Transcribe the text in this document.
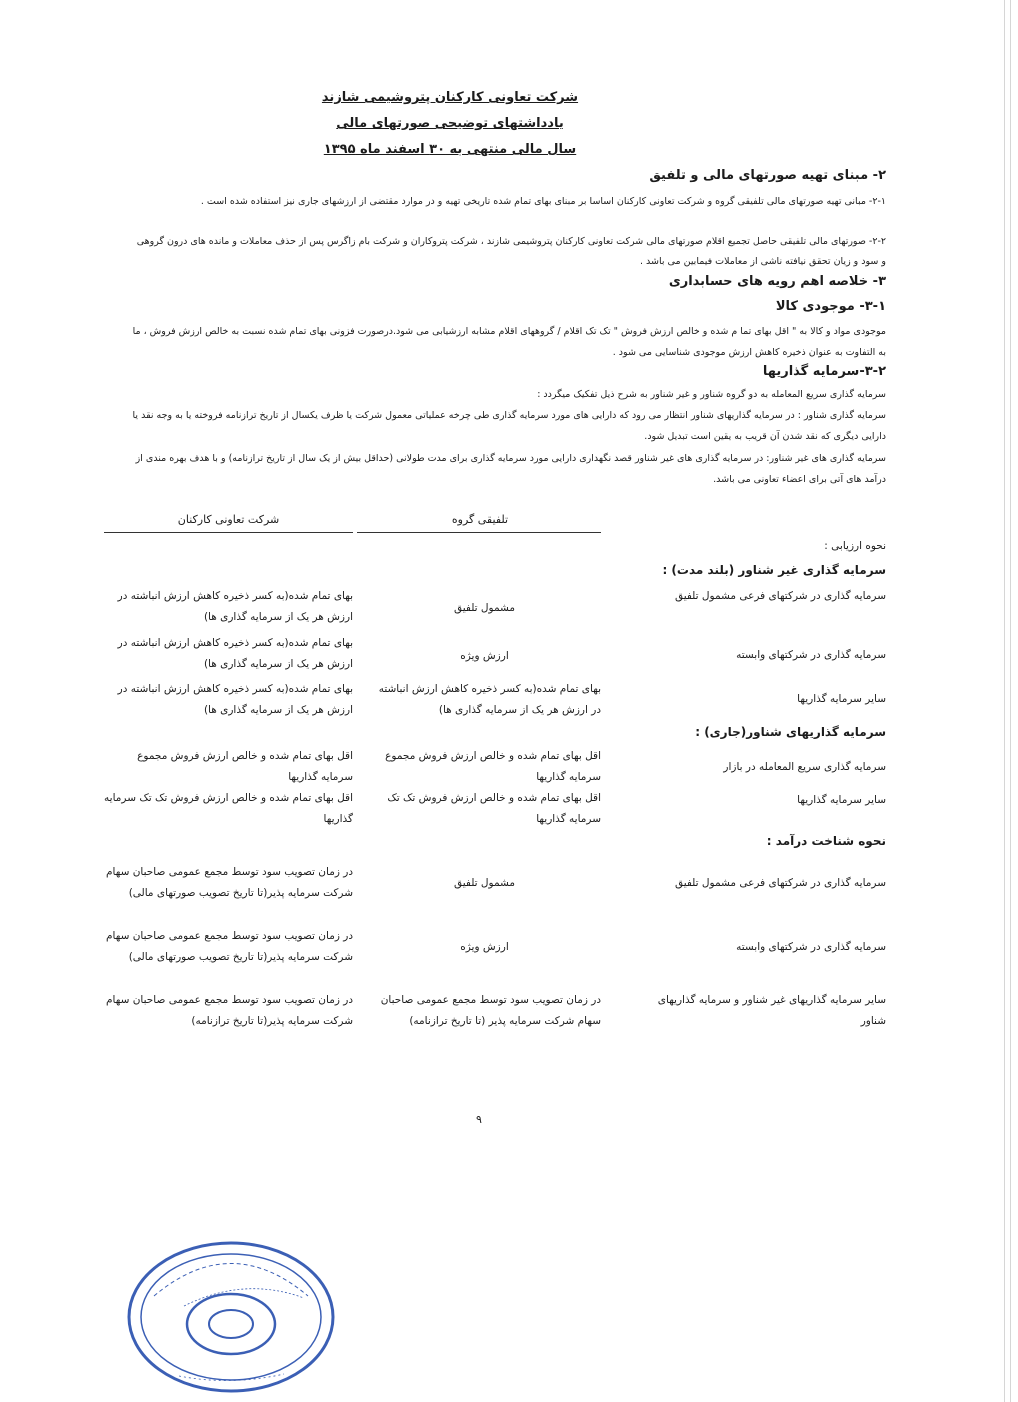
شرکت تعاونی کارکنان پتروشیمی شازند
یادداشتهای توضیحی صورتهای مالی
سال مالی منتهی به ۳۰ اسفند ماه ۱۳۹۵
۲- مبنای تهیه صورتهای مالی و تلفیق
۲-۱- مبانی تهیه صورتهای مالی تلفیقی گروه و شرکت تعاونی کارکنان اساسا بر مبنای بهای تمام شده تاریخی تهیه و در موارد مقتضی از ارزشهای جاری نیز استفاده شده است .
۲-۲- صورتهای مالی تلفیقی حاصل تجمیع اقلام صورتهای مالی شرکت تعاونی کارکنان پتروشیمی شازند ، شرکت پتروکاران و شرکت بام زاگرس پس از حذف معاملات و مانده های درون گروهی
و سود و زیان تحقق نیافته ناشی از معاملات فیمابین می باشد .
۳- خلاصه اهم رویه های حسابداری
۳-۱- موجودی کالا
موجودی مواد و کالا به " اقل بهای تما م شده و خالص ارزش فروش " تک تک اقلام / گروههای اقلام مشابه ارزشیابی می شود.درصورت فزونی بهای تمام شده نسبت به خالص ارزش فروش ، ما
به التفاوت به عنوان ذخیره کاهش ارزش موجودی شناسایی می شود .
۳-۲-سرمایه گذاریها
سرمایه گذاری سریع المعامله به دو گروه شناور و غیر شناور به شرح ذیل تفکیک میگردد :
سرمایه گذاری شناور : در سرمایه گذاریهای شناور انتظار می رود که دارایی های مورد سرمایه گذاری طی چرخه عملیاتی معمول شرکت یا ظرف یکسال از تاریخ ترازنامه فروخته یا به وجه نقد یا
دارایی دیگری که نقد شدن آن قریب به یقین است تبدیل شود.
سرمایه گذاری های غیر شناور: در سرمایه گذاری های غیر شناور قصد نگهداری دارایی مورد سرمایه گذاری برای مدت طولانی (حداقل بیش از یک سال از تاریخ ترازنامه) و با هدف بهره مندی از
درآمد های آتی برای اعضاء تعاونی می باشد.
تلفیقی گروه
شرکت تعاونی کارکنان
نحوه ارزیابی :
سرمایه گذاری غیر شناور (بلند مدت) :
سرمایه گذاری در شرکتهای فرعی مشمول تلفیق
مشمول تلفیق
بهای تمام شده(به کسر ذخیره کاهش ارزش انباشته در ارزش هر یک از سرمایه گذاری ها)
سرمایه گذاری در شرکتهای وابسته
ارزش ویژه
بهای تمام شده(به کسر ذخیره کاهش ارزش انباشته در ارزش هر یک از سرمایه گذاری ها)
سایر سرمایه گذاریها
بهای تمام شده(به کسر ذخیره کاهش ارزش انباشته در ارزش هر یک از سرمایه گذاری ها)
بهای تمام شده(به کسر ذخیره کاهش ارزش انباشته در ارزش هر یک از سرمایه گذاری ها)
سرمایه گذاریهای شناور(جاری) :
سرمایه گذاری سریع المعامله در بازار
اقل بهای تمام شده و خالص ارزش فروش مجموع سرمایه گذاریها
اقل بهای تمام شده و خالص ارزش فروش مجموع سرمایه گذاریها
سایر سرمایه گذاریها
اقل بهای تمام شده و خالص ارزش فروش تک تک سرمایه گذاریها
اقل بهای تمام شده و خالص ارزش فروش تک تک سرمایه گذاریها
نحوه شناخت درآمد :
سرمایه گذاری در شرکتهای فرعی مشمول تلفیق
مشمول تلفیق
در زمان تصویب سود توسط مجمع عمومی صاحبان سهام شرکت سرمایه پذیر(تا تاریخ تصویب صورتهای مالی)
سرمایه گذاری در شرکتهای وابسته
ارزش ویژه
در زمان تصویب سود توسط مجمع عمومی صاحبان سهام شرکت سرمایه پذیر(تا تاریخ تصویب صورتهای مالی)
سایر سرمایه گذاریهای غیر شناور و سرمایه گذاریهای شناور
در زمان تصویب سود توسط مجمع عمومی صاحبان سهام شرکت سرمایه پذیر (تا تاریخ ترازنامه)
در زمان تصویب سود توسط مجمع عمومی صاحبان سهام شرکت سرمایه پذیر(تا تاریخ ترازنامه)
۹
